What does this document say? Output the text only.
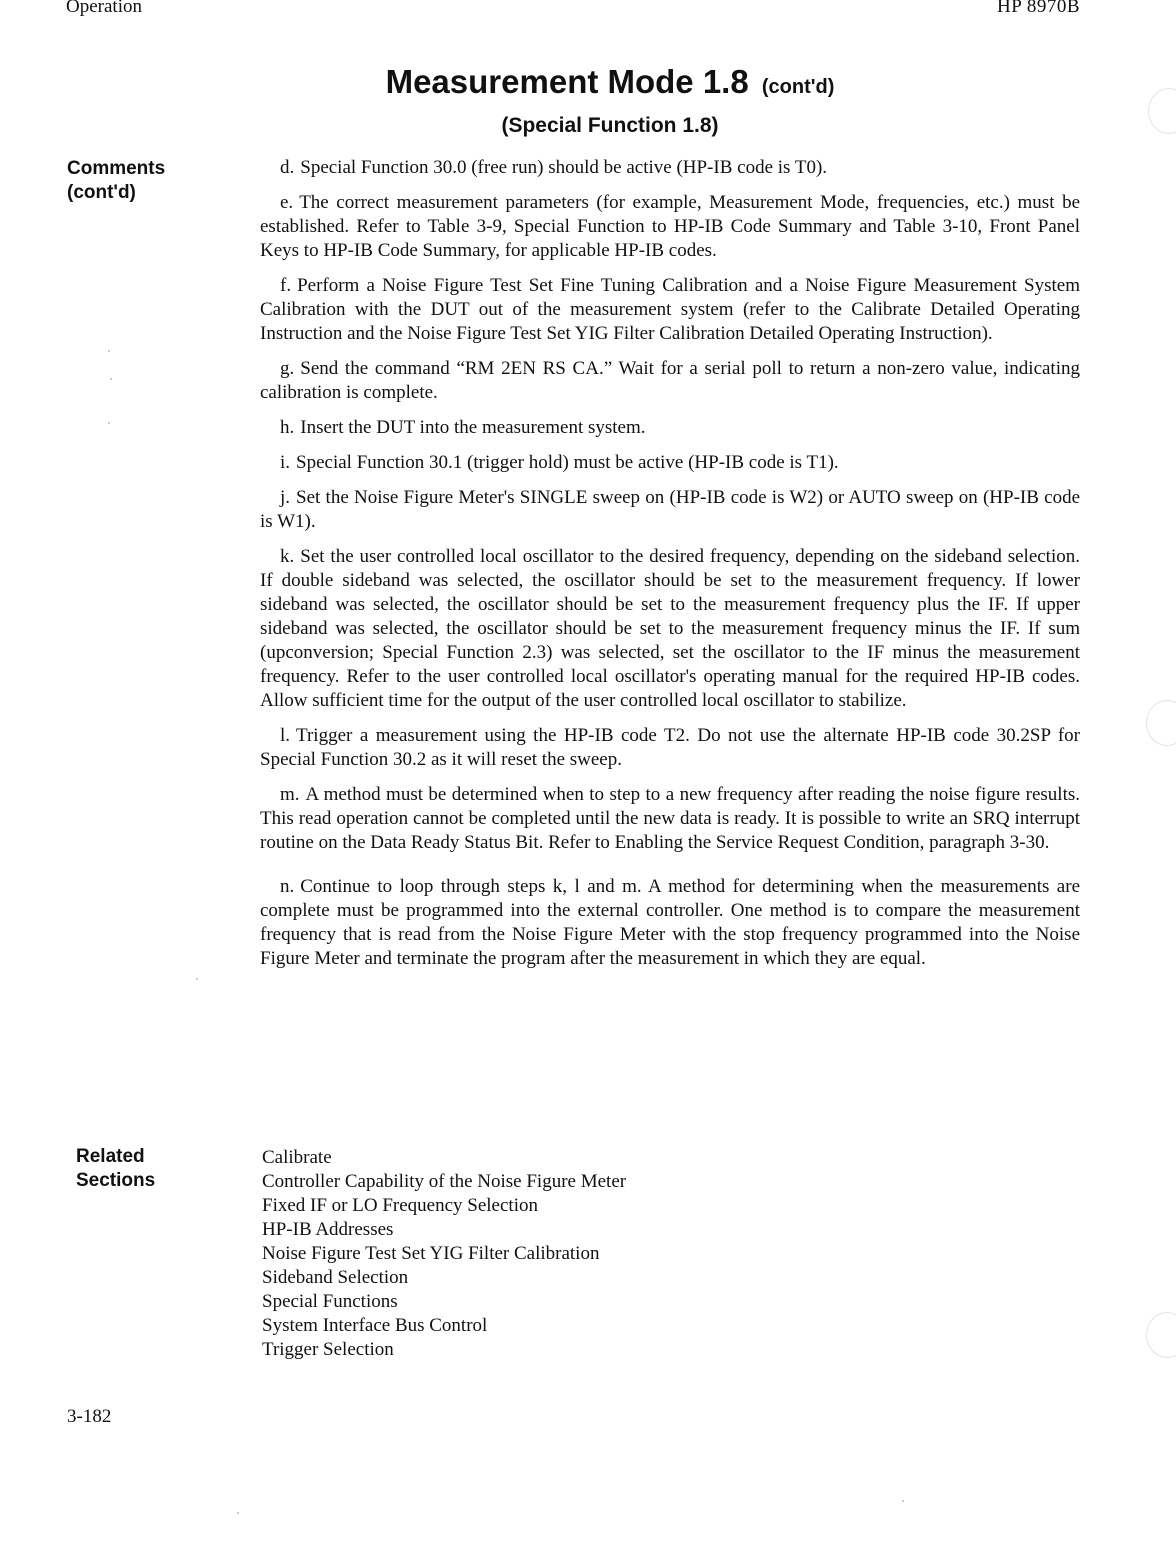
Operation	HP 8970B
Measurement Mode 1.8 (cont'd)
(Special Function 1.8)
Comments
(cont'd)

d. Special Function 30.0 (free run) should be active (HP-IB code is T0).

e. The correct measurement parameters (for example, Measurement Mode, frequencies, etc.) must be established. Refer to Table 3-9, Special Function to HP-IB Code Summary and Table 3-10, Front Panel Keys to HP-IB Code Summary, for applicable HP-IB codes.

f. Perform a Noise Figure Test Set Fine Tuning Calibration and a Noise Figure Measurement System Calibration with the DUT out of the measurement system (refer to the Calibrate Detailed Operating Instruction and the Noise Figure Test Set YIG Filter Calibration Detailed Operating Instruction).

g. Send the command “RM 2EN RS CA.” Wait for a serial poll to return a non-zero value, indicating calibration is complete.

h. Insert the DUT into the measurement system.

i. Special Function 30.1 (trigger hold) must be active (HP-IB code is T1).

j. Set the Noise Figure Meter's SINGLE sweep on (HP-IB code is W2) or AUTO sweep on (HP-IB code is W1).

k. Set the user controlled local oscillator to the desired frequency, depending on the sideband selection. If double sideband was selected, the oscillator should be set to the measurement frequency. If lower sideband was selected, the oscillator should be set to the measurement frequency plus the IF. If upper sideband was selected, the oscillator should be set to the measurement frequency minus the IF. If sum (upconversion; Special Function 2.3) was selected, set the oscillator to the IF minus the measurement frequency. Refer to the user controlled local oscillator's operating manual for the required HP-IB codes. Allow sufficient time for the output of the user controlled local oscillator to stabilize.

l. Trigger a measurement using the HP-IB code T2. Do not use the alternate HP-IB code 30.2SP for Special Function 30.2 as it will reset the sweep.

m. A method must be determined when to step to a new frequency after reading the noise figure results. This read operation cannot be completed until the new data is ready. It is possible to write an SRQ interrupt routine on the Data Ready Status Bit. Refer to Enabling the Service Request Condition, paragraph 3-30.

n. Continue to loop through steps k, l and m. A method for determining when the measurements are complete must be programmed into the external controller. One method is to compare the measurement frequency that is read from the Noise Figure Meter with the stop frequency programmed into the Noise Figure Meter and terminate the program after the measurement in which they are equal.

Related
Sections
Calibrate
Controller Capability of the Noise Figure Meter
Fixed IF or LO Frequency Selection
HP-IB Addresses
Noise Figure Test Set YIG Filter Calibration
Sideband Selection
Special Functions
System Interface Bus Control
Trigger Selection
3-182
